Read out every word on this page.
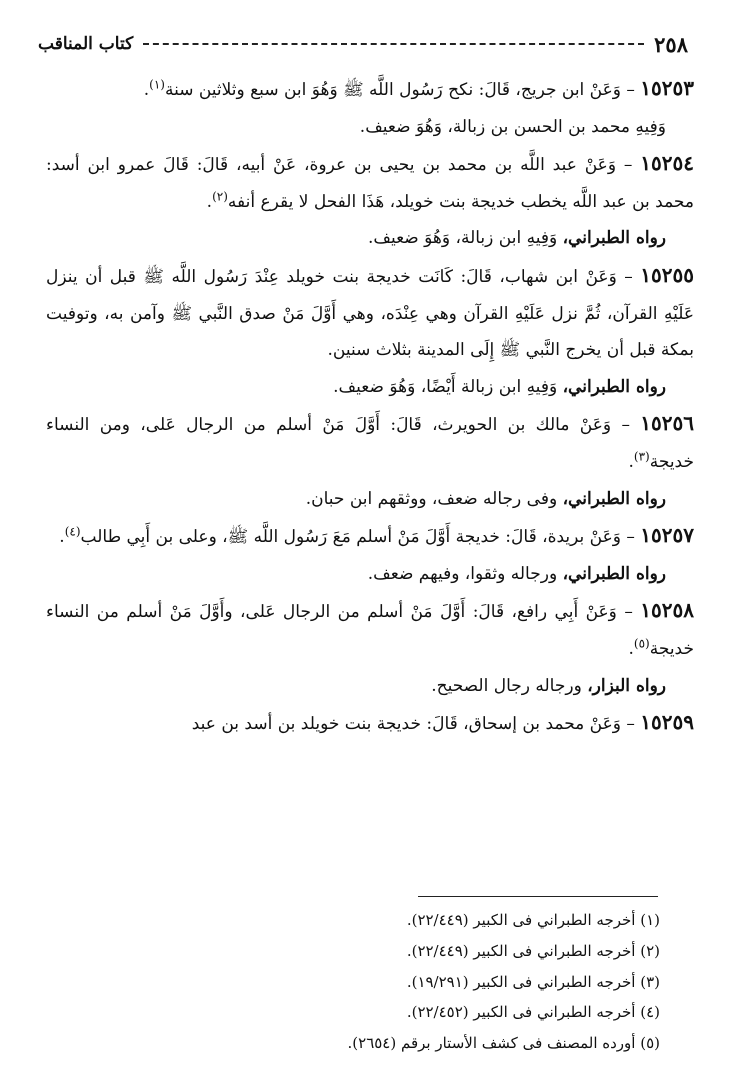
٢٥٨
كتاب المناقب

١٥٢٥٣ – وَعَنْ ابن جريج، قَالَ: نكح رَسُول اللَّه ﷺ وَهُوَ ابن سبع وثلاثين سنة$^{(١)}$.

وَفِيهِ محمد بن الحسن بن زبالة، وَهُوَ ضعيف.

١٥٢٥٤ – وَعَنْ عبد اللَّه بن محمد بن يحيى بن عروة، عَنْ أبيه، قَالَ: قَالَ عمرو ابن أسد: محمد بن عبد اللَّه يخطب خديجة بنت خويلد، هَذَا الفحل لا يقرع أنفه$^{(٢)}$.

رواه الطبراني، وَفِيهِ ابن زبالة، وَهُوَ ضعيف.

١٥٢٥٥ – وَعَنْ ابن شهاب، قَالَ: كَانَت خديجة بنت خويلد عِنْدَ رَسُول اللَّه ﷺ قبل أن ينزل عَلَيْهِ القرآن، ثُمَّ نزل عَلَيْهِ القرآن وهي عِنْدَه، وهي أَوَّلَ مَنْ صدق النَّبي ﷺ وآمن به، وتوفيت بمكة قبل أن يخرج النَّبي ﷺ إِلَى المدينة بثلاث سنين.

رواه الطبراني، وَفِيهِ ابن زبالة أَيْضًا، وَهُوَ ضعيف.

١٥٢٥٦ – وَعَنْ مالك بن الحويرث، قَالَ: أَوَّلَ مَنْ أسلم من الرجال عَلى، ومن النساء خديجة$^{(٣)}$.

رواه الطبراني، وفى رجاله ضعف، ووثقهم ابن حبان.

١٥٢٥٧ – وَعَنْ بريدة، قَالَ: خديجة أَوَّلَ مَنْ أسلم مَعَ رَسُول اللَّه ﷺ، وعلى بن أَبِي طالب$^{(٤)}$.

رواه الطبراني، ورجاله وثقوا، وفيهم ضعف.

١٥٢٥٨ – وَعَنْ أَبِي رافع، قَالَ: أَوَّلَ مَنْ أسلم من الرجال عَلى، وأَوَّلَ مَنْ أسلم من النساء خديجة$^{(٥)}$.

رواه البزار، ورجاله رجال الصحيح.

١٥٢٥٩ – وَعَنْ محمد بن إسحاق، قَالَ: خديجة بنت خويلد بن أسد بن عبد

(١) أخرجه الطبراني فى الكبير (٢٢/٤٤٩).
(٢) أخرجه الطبراني فى الكبير (٢٢/٤٤٩).
(٣) أخرجه الطبراني فى الكبير (١٩/٢٩١).
(٤) أخرجه الطبراني فى الكبير (٢٢/٤٥٢).
(٥) أورده المصنف فى كشف الأستار برقم (٢٦٥٤).
